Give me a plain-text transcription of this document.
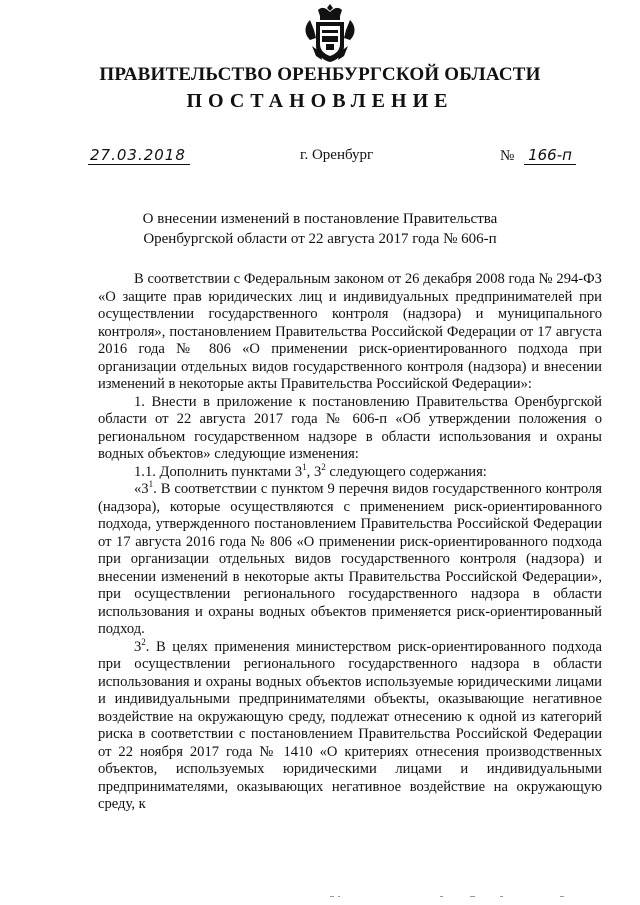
ПРАВИТЕЛЬСТВО ОРЕНБУРГСКОЙ ОБЛАСТИ
ПОСТАНОВЛЕНИЕ
27.03.2018	г. Оренбург	№ 166-п
О внесении изменений в постановление Правительства
Оренбургской области от 22 августа 2017 года № 606-п

В соответствии с Федеральным законом от 26 декабря 2008 года № 294-ФЗ «О защите прав юридических лиц и индивидуальных предпринимателей при осуществлении государственного контроля (надзора) и муниципального контроля», постановлением Правительства Российской Федерации от 17 августа 2016 года № 806 «О применении риск-ориентированного подхода при организации отдельных видов государственного контроля (надзора) и внесении изменений в некоторые акты Правительства Российской Федерации»:

1. Внести в приложение к постановлению Правительства Оренбургской области от 22 августа 2017 года № 606-п «Об утверждении положения о региональном государственном надзоре в области использования и охраны водных объектов» следующие изменения:

1.1. Дополнить пунктами $3^1$, $3^2$ следующего содержания:

«$3^1$. В соответствии с пунктом 9 перечня видов государственного контроля (надзора), которые осуществляются с применением риск-ориентированного подхода, утвержденного постановлением Правительства Российской Федерации от 17 августа 2016 года № 806 «О применении риск-ориентированного подхода при организации отдельных видов государственного контроля (надзора) и внесении изменений в некоторые акты Правительства Российской Федерации», при осуществлении регионального государственного надзора в области использования и охраны водных объектов применяется риск-ориентированный подход.

$3^2$. В целях применения министерством риск-ориентированного подхода при осуществлении регионального государственного надзора в области использования и охраны водных объектов используемые юридическими лицами и индивидуальными предпринимателями объекты, оказывающие негативное воздействие на окружающую среду, подлежат отнесению к одной из категорий риска в соответствии с постановлением Правительства Российской Федерации от 22 ноября 2017 года № 1410 «О критериях отнесения производственных объектов, используемых юридическими лицами и индивидуальными предпринимателями, оказывающих негативное воздействие на окружающую среду, к
